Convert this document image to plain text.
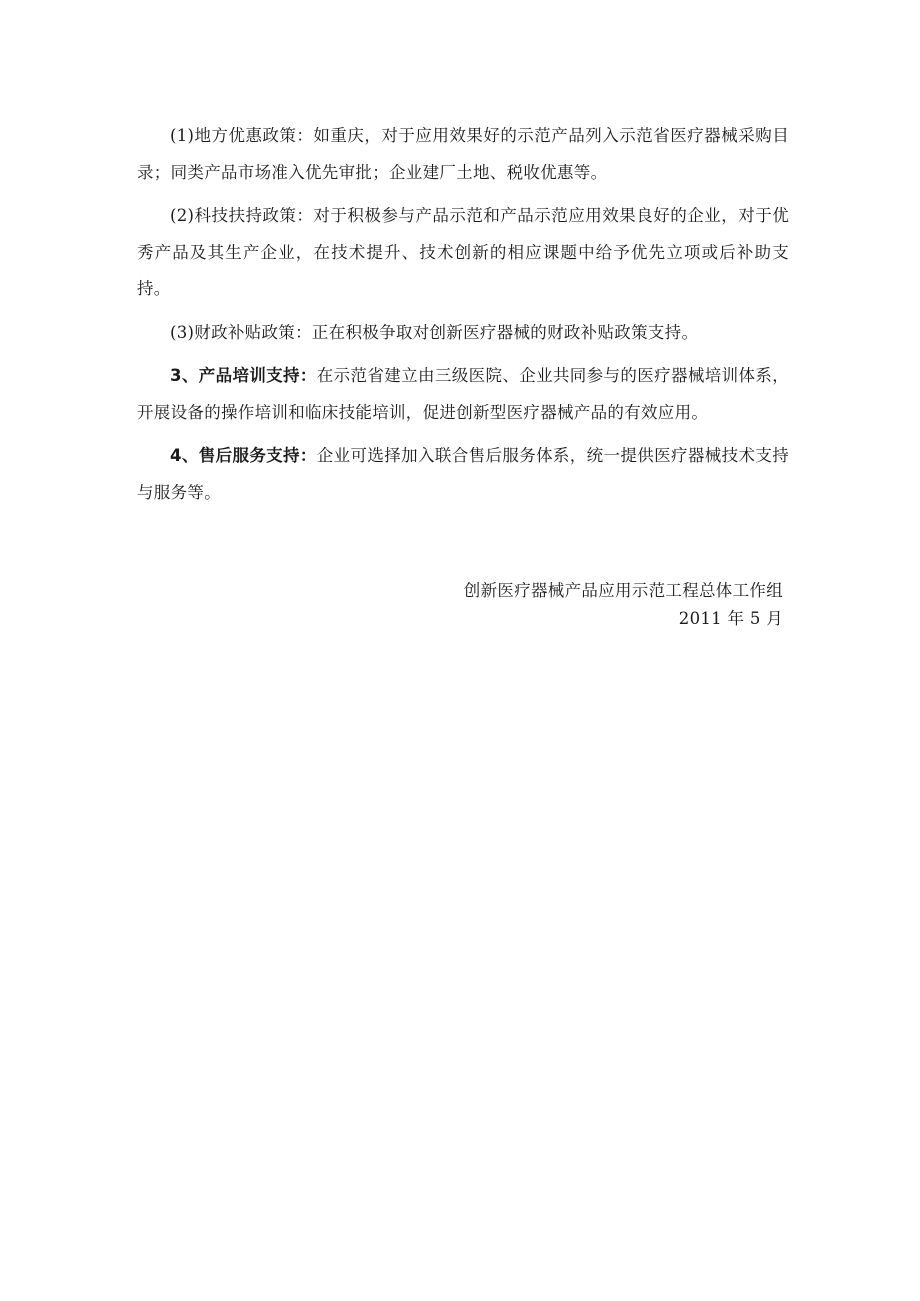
(1)地方优惠政策：如重庆，对于应用效果好的示范产品列入示范省医疗器械采购目录；同类产品市场准入优先审批；企业建厂土地、税收优惠等。

(2)科技扶持政策：对于积极参与产品示范和产品示范应用效果良好的企业，对于优秀产品及其生产企业，在技术提升、技术创新的相应课题中给予优先立项或后补助支持。

(3)财政补贴政策：正在积极争取对创新医疗器械的财政补贴政策支持。

3、产品培训支持：在示范省建立由三级医院、企业共同参与的医疗器械培训体系，开展设备的操作培训和临床技能培训，促进创新型医疗器械产品的有效应用。

4、售后服务支持：企业可选择加入联合售后服务体系，统一提供医疗器械技术支持与服务等。

创新医疗器械产品应用示范工程总体工作组
2011 年 5 月
